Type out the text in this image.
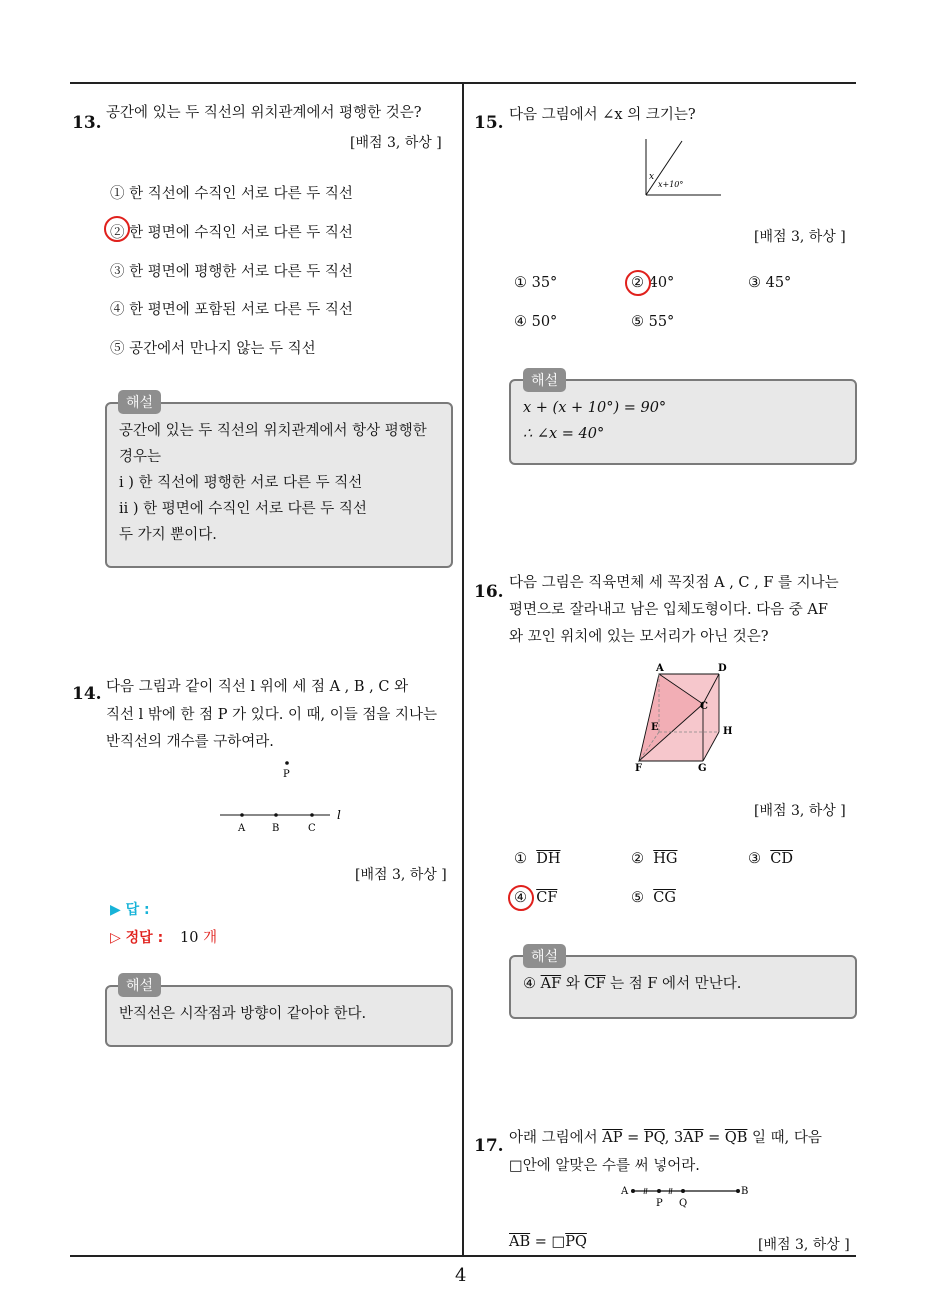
4
13. 공간에 있는 두 직선의 위치관계에서 평행한 것은?
[배점 3, 하상 ]
① 한 직선에 수직인 서로 다른 두 직선
② 한 평면에 수직인 서로 다른 두 직선
③ 한 평면에 평행한 서로 다른 두 직선
④ 한 평면에 포함된 서로 다른 두 직선
⑤ 공간에서 만나지 않는 두 직선
공간에 있는 두 직선의 위치관계에서 항상 평행한
경우는
i ) 한 직선에 평행한 서로 다른 두 직선
ii ) 한 평면에 수직인 서로 다른 두 직선
두 가지 뿐이다.
해설
14. 다음 그림과 같이 직선 l 위에 세 점 A , B , C 와
직선 l 밖에 한 점 P 가 있다. 이 때, 이들 점을 지나는
반직선의 개수를 구하여라.
P
A	B	C
l
[배점 3, 하상 ]
▶ 답 :
▷ 정답 : 10 개
반직선은 시작점과 방향이 같아야 한다.
해설
15. 다음 그림에서 ∠x 의 크기는?
x
x+10°
[배점 3, 하상 ]
① 35°	② 40°	③ 45°
④ 50°	⑤ 55°
x + (x + 10°) = 90°
∴ ∠x = 40°
해설
16. 다음 그림은 직육면체 세 꼭짓점 A , C , F 를 지나는
평면으로 잘라내고 남은 입체도형이다. 다음 중 AF
와 꼬인 위치에 있는 모서리가 아닌 것은?
A	D
C
E	H
F	G
[배점 3, 하상 ]
① $\overline{DH}$	② $\overline{HG}$	③ $\overline{CD}$
④ $\overline{CF}$	⑤ $\overline{CG}$
④ $\overline{AF}$ 와 $\overline{CF}$ 는 점 F 에서 만난다.
해설
17. 아래 그림에서 $\overline{AP} = \overline{PQ}$, $3\overline{AP} = \overline{QB}$ 일 때, 다음
□안에 알맞은 수를 써 넣어라.
A
P Q
B
$\overline{AB}$ = $□\overline{PQ}$	[배점 3, 하상 ]
